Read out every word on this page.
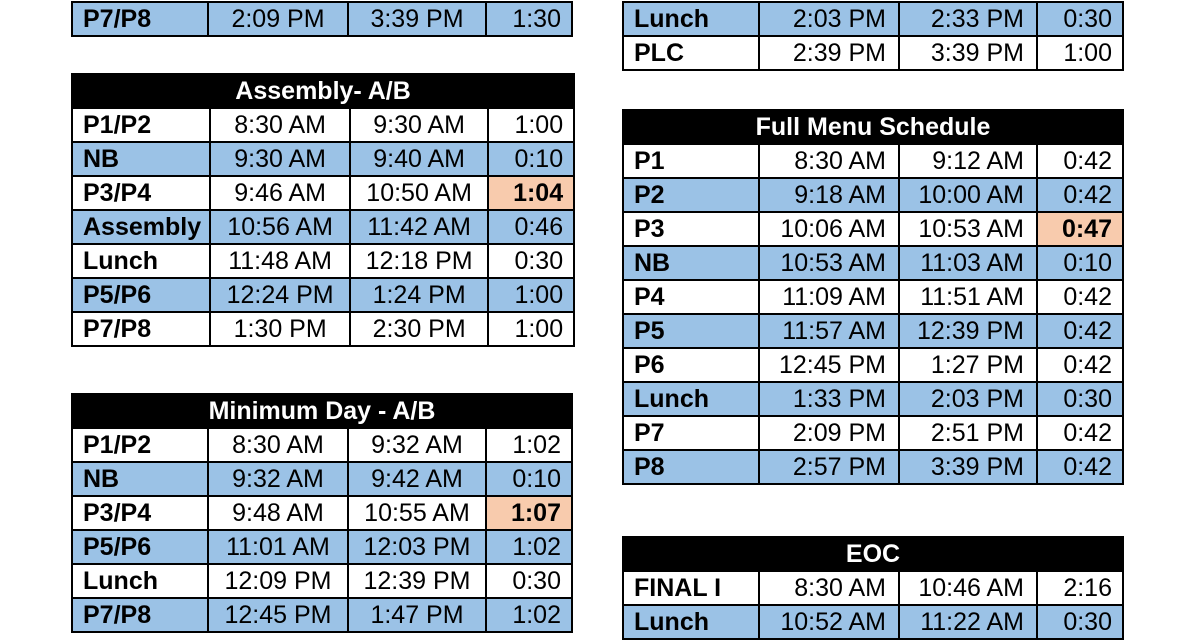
P7/P8	2:09 PM	3:39 PM	1:30
Assembly- A/B			
P1/P2	8:30 AM	9:30 AM	1:00
NB	9:30 AM	9:40 AM	0:10
P3/P4	9:46 AM	10:50 AM	1:04
Assembly	10:56 AM	11:42 AM	0:46
Lunch	11:48 AM	12:18 PM	0:30
P5/P6	12:24 PM	1:24 PM	1:00
P7/P8	1:30 PM	2:30 PM	1:00
Minimum Day - A/B			
P1/P2	8:30 AM	9:32 AM	1:02
NB	9:32 AM	9:42 AM	0:10
P3/P4	9:48 AM	10:55 AM	1:07
P5/P6	11:01 AM	12:03 PM	1:02
Lunch	12:09 PM	12:39 PM	0:30
P7/P8	12:45 PM	1:47 PM	1:02
Lunch	2:03 PM	2:33 PM	0:30
PLC	2:39 PM	3:39 PM	1:00
Full Menu Schedule			
P1	8:30 AM	9:12 AM	0:42
P2	9:18 AM	10:00 AM	0:42
P3	10:06 AM	10:53 AM	0:47
NB	10:53 AM	11:03 AM	0:10
P4	11:09 AM	11:51 AM	0:42
P5	11:57 AM	12:39 PM	0:42
P6	12:45 PM	1:27 PM	0:42
Lunch	1:33 PM	2:03 PM	0:30
P7	2:09 PM	2:51 PM	0:42
P8	2:57 PM	3:39 PM	0:42
EOC			
FINAL I	8:30 AM	10:46 AM	2:16
Lunch	10:52 AM	11:22 AM	0:30
